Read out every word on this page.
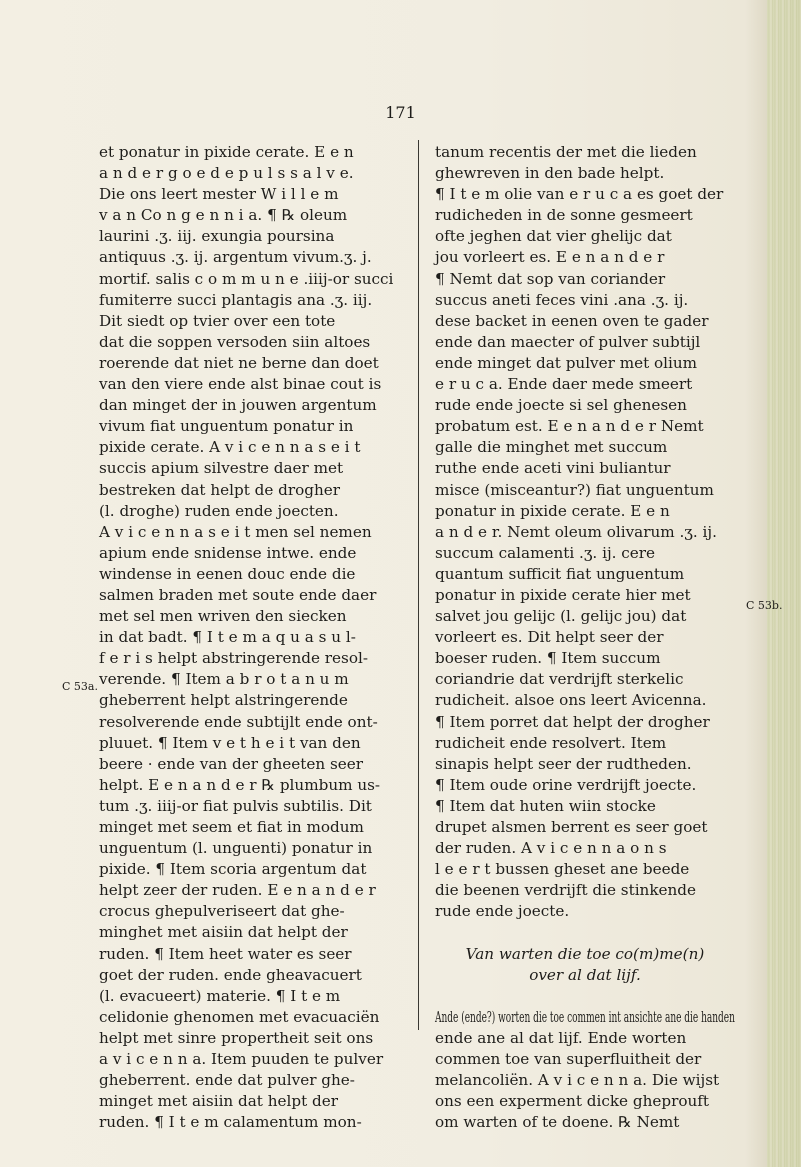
171
C 53a.
C 53b.
et ponatur in pixide cerate. E e n
a n d e r g o e d e p u l s s a l v e.
Die ons leert mester W i l l e m
v a n Co n g e n n i a. ¶ ℞ oleum
laurini .ʒ. iij. exungia poursina
antiquus .ʒ. ij. argentum vivum.ʒ. j.
mortif. salis c o m m u n e .iiij-or succi
fumiterre succi plantagis ana .ʒ. iij.
Dit siedt op tvier over een tote
dat die soppen versoden siin altoes
roerende dat niet ne berne dan doet
van den viere ende alst binae cout is
dan minget der in jouwen argentum
vivum fiat unguentum ponatur in
pixide cerate. A v i c e n n a s e i t
succis apium silvestre daer met
bestreken dat helpt de drogher
(l. droghe) ruden ende joecten.
A v i c e n n a s e i t men sel nemen
apium ende snidense intwe. ende
windense in eenen douc ende die
salmen braden met soute ende daer
met sel men wriven den siecken
in dat badt. ¶ I t e m a q u a s u l-
f e r i s helpt abstringerende resol-
verende. ¶ Item a b r o t a n u m
gheberrent helpt alstringerende
resolverende ende subtijlt ende ont-
pluuet. ¶ Item v e t h e i t van den
beere · ende van der gheeten seer
helpt. E e n a n d e r ℞ plumbum us-
tum .ʒ. iiij-or fiat pulvis subtilis. Dit
minget met seem et fiat in modum
unguentum (l. unguenti) ponatur in
pixide. ¶ Item scoria argentum dat
helpt zeer der ruden. E e n a n d e r
crocus ghepulveriseert dat ghe-
minghet met aisiin dat helpt der
ruden. ¶ Item heet water es seer
goet der ruden. ende gheavacuert
(l. evacueert) materie. ¶ I t e m
celidonie ghenomen met evacuaciën
helpt met sinre propertheit seit ons
a v i c e n n a. Item puuden te pulver
gheberrent. ende dat pulver ghe-
minget met aisiin dat helpt der
ruden. ¶ I t e m calamentum mon-
tanum recentis der met die lieden
ghewreven in den bade helpt.
¶ I t e m olie van e r u c a es goet der
rudicheden in de sonne gesmeert
ofte jeghen dat vier ghelijc dat
jou vorleert es. E e n a n d e r
¶ Nemt dat sop van coriander
succus aneti feces vini .ana .ʒ. ij.
dese backet in eenen oven te gader
ende dan maecter of pulver subtijl
ende minget dat pulver met olium
e r u c a. Ende daer mede smeert
rude ende joecte si sel ghenesen
probatum est. E e n a n d e r Nemt
galle die minghet met succum
ruthe ende aceti vini buliantur
misce (misceantur?) fiat unguentum
ponatur in pixide cerate. E e n
a n d e r. Nemt oleum olivarum .ʒ. ij.
succum calamenti .ʒ. ij. cere
quantum sufficit fiat unguentum
ponatur in pixide cerate hier met
salvet jou gelijc (l. gelijc jou) dat
vorleert es. Dit helpt seer der
boeser ruden. ¶ Item succum
coriandrie dat verdrijft sterkelic
rudicheit. alsoe ons leert Avicenna.
¶ Item porret dat helpt der drogher
rudicheit ende resolvert. Item
sinapis helpt seer der rudtheden.
¶ Item oude orine verdrijft joecte.
¶ Item dat huten wiin stocke
drupet alsmen berrent es seer goet
der ruden. A v i c e n n a o n s
l e e r t bussen gheset ane beede
die beenen verdrijft die stinkende
rude ende joecte.
Van warten die toe co(m)me(n)
over al dat lijf.
Ande (ende?) worten die toe commen int ansichte ane die handen
ende ane al dat lijf. Ende worten
commen toe van superfluitheit der
melancoliën. A v i c e n n a. Die wijst
ons een experment dicke gheprouft
om warten of te doene. ℞ Nemt
